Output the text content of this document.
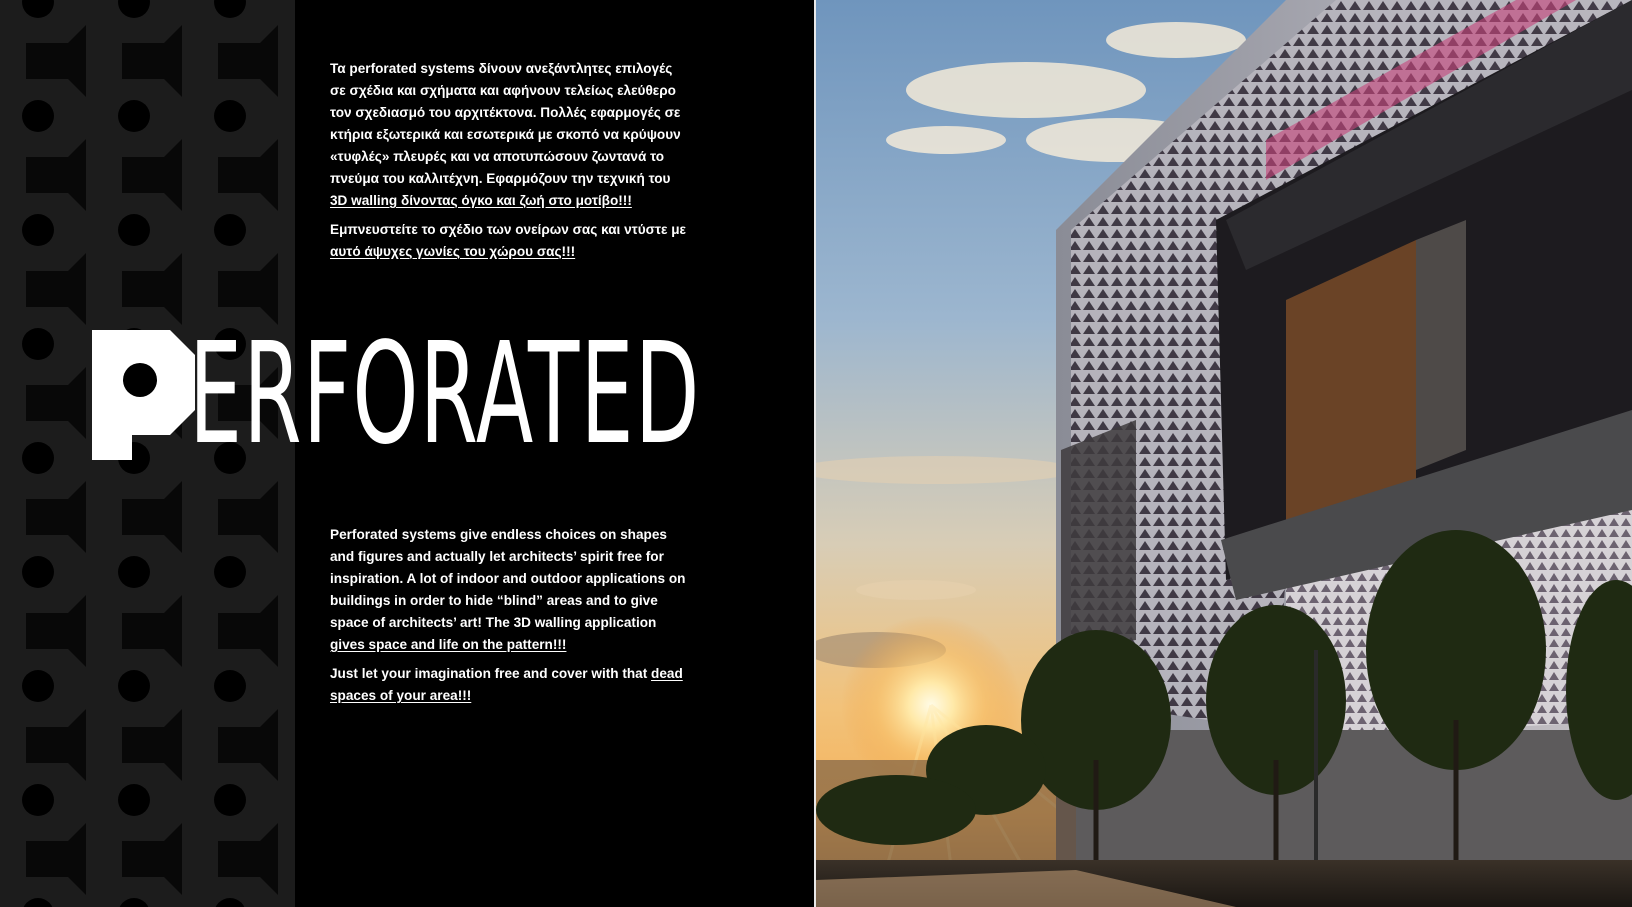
Τα perforated systems δίνουν ανεξάντλητες επιλογές σε σχέδια και σχήματα και αφήνουν τελείως ελεύθερο τον σχεδιασμό του αρχιτέκτονα. Πολλές εφαρμογές σε κτήρια εξωτερικά και εσωτερικά με σκοπό να κρύψουν «τυφλές» πλευρές και να αποτυπώσουν ζωντανά το πνεύμα του καλλιτέχνη. Εφαρμόζουν την τεχνική του 3D walling δίνοντας όγκο και ζωή στο μοτίβο!!!

Εμπνευστείτε το σχέδιο των ονείρων σας και ντύστε με αυτό άψυχες γωνίες του χώρου σας!!!

ERFORATED

Perforated systems give endless choices on shapes and figures and actually let architects’ spirit free for inspiration. A lot of indoor and outdoor applications on buildings in order to hide “blind” areas and to give space of architects’ art! The 3D walling application gives space and life on the pattern!!!

Just let your imagination free and cover with that dead spaces of your area!!!
